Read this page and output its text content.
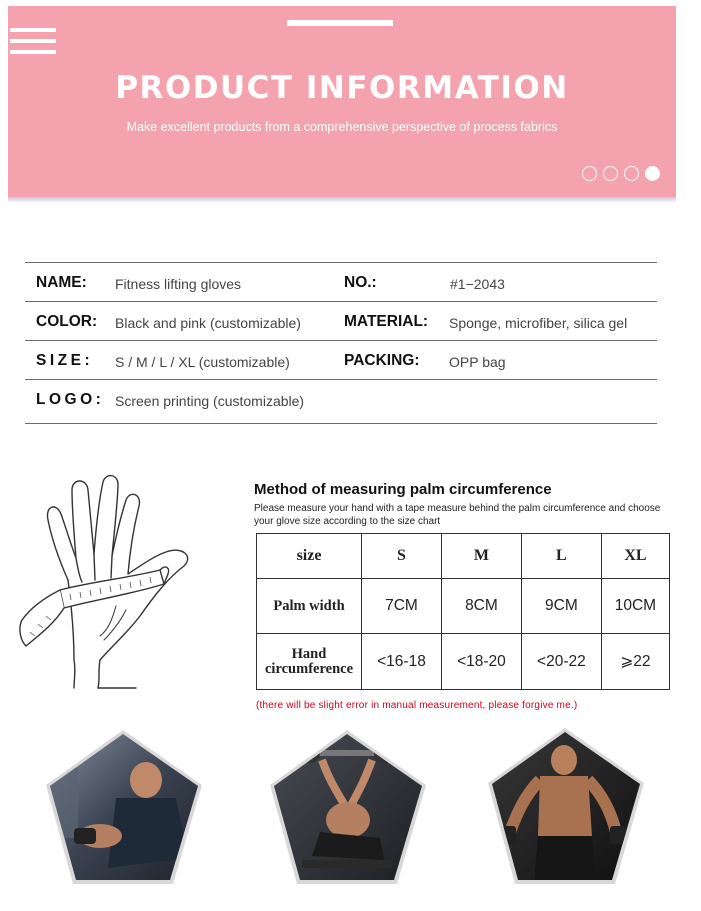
PRODUCT INFORMATION
Make excellent products from a comprehensive perspective of process fabrics
NAME: Fitness lifting gloves	NO.:	#1−2043
COLOR: Black and pink (customizable)	MATERIAL: Sponge, microfiber, silica gel
SIZE: S / M / L / XL (customizable)	PACKING: OPP bag
LOGO: Screen printing (customizable)
Method of measuring palm circumference
Please measure your hand with a tape measure behind the palm circumference and choose your glove size according to the size chart
size	S	M	L	XL
Palm width	7CM	8CM	9CM	10CM
Hand
circumference	<16-18	<18-20	<20-22	⩾22
(there will be slight error in manual measurement, please forgive me.)
